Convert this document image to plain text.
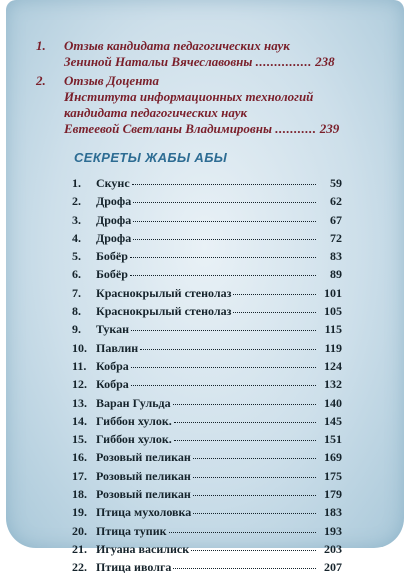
1.	Отзыв кандидата педагогических наук
Зениной Натальи Вячеславовны ............... 238
2.	Отзыв Доцента
Института информационных технологий
кандидата педагогических наук
Евтеевой Светланы Владимировны ........... 239
СЕКРЕТЫ ЖАБЫ АБЫ
1.	Скунс	59
2.	Дрофа	62
3.	Дрофа	67
4.	Дрофа	72
5.	Бобёр	83
6.	Бобёр	89
7.	Краснокрылый стенолаз	101
8.	Краснокрылый стенолаз	105
9.	Тукан	115
10. Павлин	119
11. Кобра	124
12. Кобра	132
13. Варан Гульда	140
14. Гиббон хулок.	145
15. Гиббон хулок.	151
16. Розовый пеликан	169
17. Розовый пеликан	175
18. Розовый пеликан	179
19. Птица мухоловка	183
20. Птица тупик	193
21. Игуана василиск	203
22. Птица иволга	207
